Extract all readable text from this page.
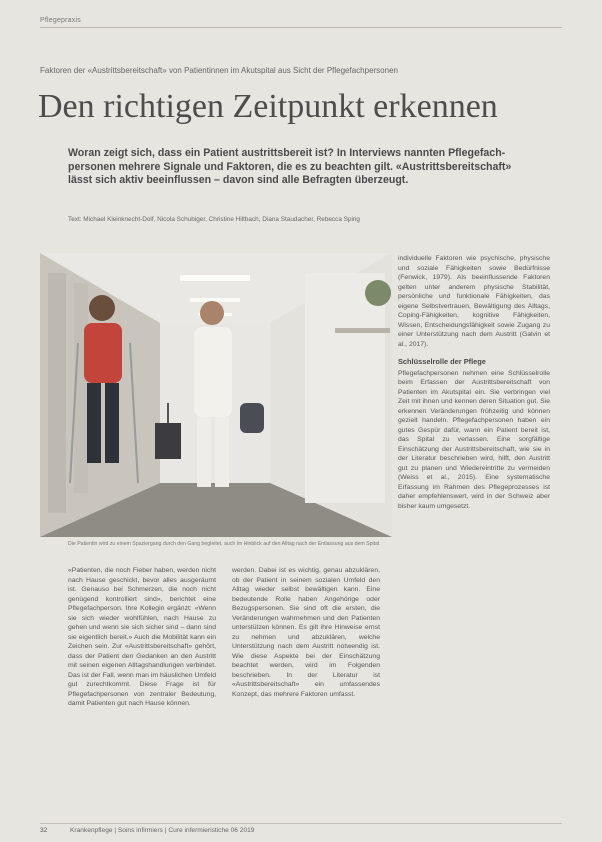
Pflegepraxis
Faktoren der «Austrittsbereitschaft» von Patientinnen im Akutspital aus Sicht der Pflegefachpersonen
Den richtigen Zeitpunkt erkennen
Woran zeigt sich, dass ein Patient austrittsbereit ist? In Interviews nannten Pflegefachpersonen mehrere Signale und Faktoren, die es zu beachten gilt. «Austrittsbereitschaft» lässt sich aktiv beeinflussen – davon sind alle Befragten überzeugt.
Text: Michael Kleinknecht-Dolf, Nicola Schubiger, Christine Hiltbach, Diana Staudacher, Rebecca Spirig
Die Patientin wird zu einem Spaziergang durch den Gang begleitet, auch im Hinblick auf den Alltag nach der Entlassung aus dem Spital.

«Patienten, die noch Fieber haben, werden nicht nach Hause geschickt, bevor alles ausgeräumt ist. Genauso bei Schmerzen, die noch nicht genügend kontrolliert sind», berichtet eine Pflegefachperson. Ihre Kollegin ergänzt: «Wenn sie sich wieder wohlfühlen, nach Hause zu gehen und wenn sie sich sicher sind – dann sind sie eigentlich bereit.» Auch die Mobilität kann ein Zeichen sein. Zur «Austrittsbereitschaft» gehört, dass der Patient den Gedanken an den Austritt mit seinen eigenen Alltagshandlungen verbindet. Das ist der Fall, wenn man im häuslichen Umfeld gut zurechtkommt. Diese Frage ist für Pflegefachpersonen von zentraler Bedeutung, damit Patienten gut nach Hause können.

werden. Dabei ist es wichtig, genau abzuklären, ob der Patient in seinem sozialen Umfeld den Alltag wieder selbst bewältigen kann. Eine bedeutende Rolle haben Angehörige oder Bezugspersonen. Sie sind oft die ersten, die Veränderungen wahrnehmen und den Patienten unterstützen können. Es gilt ihre Hinweise ernst zu nehmen und abzuklären, welche Unterstützung nach dem Austritt notwendig ist. Wie diese Aspekte bei der Einschätzung beachtet werden, wird im Folgenden beschrieben. In der Literatur ist «Austrittsbereitschaft» ein umfassendes Konzept, das mehrere Faktoren umfasst.

individuelle Faktoren wie psychische, physische und soziale Fähigkeiten sowie Bedürfnisse (Fenwick, 1979). Als beeinflussende Faktoren gelten unter anderem physische Stabilität, persönliche und funktionale Fähigkeiten, das eigene Selbstvertrauen, Bewältigung des Alltags, Coping-Fähigkeiten, kognitive Fähigkeiten, Wissen, Entscheidungsfähigkeit sowie Zugang zu einer Unterstützung nach dem Austritt (Galvin et al., 2017).

Schlüsselrolle der Pflege

Pflegefachpersonen nehmen eine Schlüsselrolle beim Erfassen der Austrittsbereitschaft von Patienten im Akutspital ein. Sie verbringen viel Zeit mit ihnen und kennen deren Situation gut. Sie erkennen Veränderungen frühzeitig und können gezielt handeln. Pflegefachpersonen haben ein gutes Gespür dafür, wann ein Patient bereit ist, das Spital zu verlassen. Eine sorgfältige Einschätzung der Austrittsbereitschaft, wie sie in der Literatur beschrieben wird, hilft, den Austritt gut zu planen und Wiedereintritte zu vermeiden (Weiss et al., 2015). Eine systematische Erfassung im Rahmen des Pflegeprozesses ist daher empfehlenswert, wird in der Schweiz aber bisher kaum umgesetzt.

32	Krankenpflege | Soins infirmiers | Cure infermieristiche 06 2019
